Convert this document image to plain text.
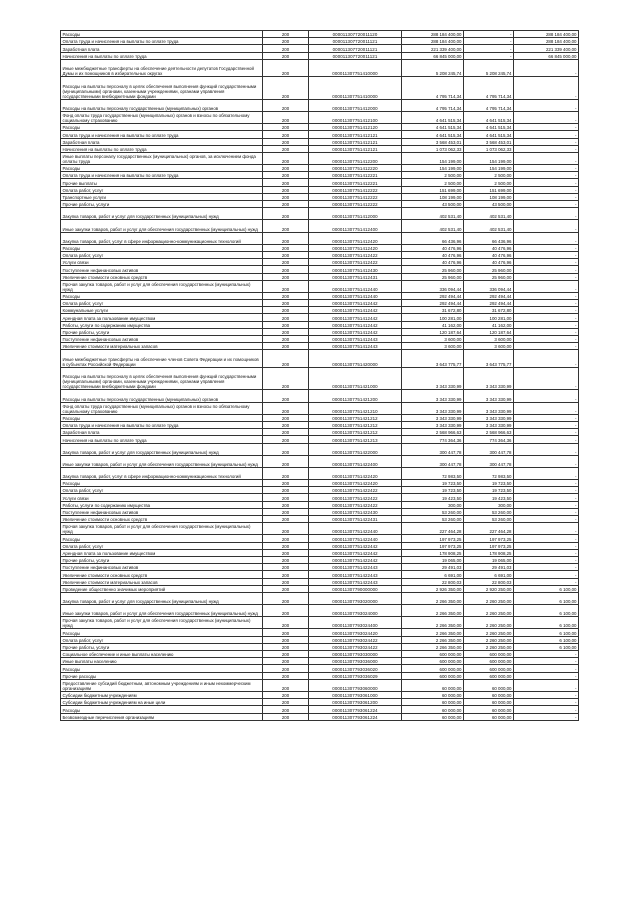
Расходы	200	000011307720011120	288 184 400,00	-	288 184 400,00
Оплата труда и начисления на выплаты по оплате труда	200	000011307720011121	288 184 400,00	-	288 184 400,00
Заработная плата	200	000011307720011121	221 339 400,00	-	221 339 400,00
Начисления на выплаты по оплате труда	200	000011307720011121	66 845 000,00	-	66 845 000,00
Иные межбюджетные трансферты на обеспечение деятельности депутатов Государственной Думы и их помощников в избирательных округах	200	000011307751410000	5 208 245,74	5 208 245,74	-
Расходы на выплаты персоналу в целях обеспечения выполнения функций государственными (муниципальными) органами, казенными учреждениями, органами управления государственными внебюджетными фондами	200	000011307751410000	4 795 714,34	4 795 714,34	-
Расходы на выплаты персоналу государственных (муниципальных) органов	200	000011307751412000	4 795 714,34	4 795 714,34	-
Фонд оплаты труда государственных (муниципальных) органов и взносы по обязательному социальному страхованию	200	000011307751412100	4 641 515,34	4 641 515,34	-
Расходы	200	000011307751412120	4 641 515,34	4 641 515,34	-
Оплата труда и начисления на выплаты по оплате труда	200	000011307751412121	4 641 515,34	4 641 515,34	-
Заработная плата	200	000011307751412121	3 568 453,01	3 568 453,01	-
Начисления на выплаты по оплате труда	200	000011307751412121	1 073 062,33	1 073 062,33	-
Иные выплаты персоналу государственных (муниципальных) органов, за исключением фонда оплаты труда	200	000011307751412200	154 199,00	154 199,00	-
Расходы	200	000011307751412220	154 199,00	154 199,00	-
Оплата труда и начисления на выплаты по оплате труда	200	000011307751412221	2 500,00	2 500,00	-
Прочие выплаты	200	000011307751412221	2 500,00	2 500,00	-
Оплата работ, услуг	200	000011307751412222	151 699,00	151 699,00	-
Транспортные услуги	200	000011307751412222	108 199,00	108 199,00	-
Прочие работы, услуги	200	000011307751412222	43 500,00	43 500,00	-
Закупка товаров, работ и услуг для государственных (муниципальных) нужд	200	000011307751412000	402 531,40	402 531,40	-
Иные закупки товаров, работ и услуг для обеспечения государственных (муниципальных) нужд	200	000011307751412400	402 531,40	402 531,40	-
Закупка товаров, работ, услуг в сфере информационно-коммуникационных технологий	200	000011307751412420	66 436,96	66 436,96	-
Расходы	200	000011307751412420	40 476,96	40 476,96	-
Оплата работ, услуг	200	000011307751412422	40 476,96	40 476,96	-
Услуги связи	200	000011307751412422	40 476,96	40 476,96	-
Поступление нефинансовых активов	200	000011307751412430	25 960,00	25 960,00	-
Увеличение стоимости основных средств	200	000011307751412431	25 960,00	25 960,00	-
Прочая закупка товаров, работ и услуг для обеспечения государственных (муниципальных) нужд	200	000011307751412440	336 094,44	336 094,44	-
Расходы	200	000011307751412440	292 494,44	292 494,44	-
Оплата работ, услуг	200	000011307751412442	292 494,44	292 494,44	-
Коммунальные услуги	200	000011307751412442	31 672,80	31 672,80	-
Арендная плата за пользование имуществом	200	000011307751412442	100 281,00	100 281,00	-
Работы, услуги по содержанию имущества	200	000011307751412442	41 162,00	41 162,00	-
Прочие работы, услуги	200	000011307751412442	120 187,64	120 187,64	-
Поступление нефинансовых активов	200	000011307751412443	3 600,00	3 600,00	-
Увеличение стоимости материальных запасов	200	000011307751412443	3 600,00	3 600,00	-
Иные межбюджетные трансферты на обеспечение членов Совета Федерации и их помощников в субъектах Российской Федерации	200	000011307751420000	3 643 775,77	3 643 775,77	-
Расходы на выплаты персоналу в целях обеспечения выполнения функций государственными (муниципальными) органами, казенными учреждениями, органами управления государственными внебюджетными фондами	200	000011307751421000	3 343 330,99	3 343 330,99	-
Расходы на выплаты персоналу государственных (муниципальных) органов	200	000011307751421200	3 343 330,99	3 343 330,99	-
Фонд оплаты труда государственных (муниципальных) органов и взносы по обязательному социальному страхованию	200	000011307751421210	3 343 330,99	3 343 330,99	-
Расходы	200	000011307751421212	3 343 330,99	3 343 330,99	-
Оплата труда и начисления на выплаты по оплате труда	200	000011307751421212	3 343 330,99	3 343 330,99	-
Заработная плата	200	000011307751421212	2 568 966,63	2 568 966,63	-
Начисления на выплаты по оплате труда	200	000011307751421213	774 364,36	774 364,36	-
Закупка товаров, работ и услуг для государственных (муниципальных) нужд	200	000011307751422000	300 447,78	300 447,78	-
Иные закупки товаров, работ и услуг для обеспечения государственных (муниципальных) нужд	200	000011307751422400	300 447,78	300 447,78	-
Закупка товаров, работ, услуг в сфере информационно-коммуникационных технологий	200	000011307751422420	72 983,50	72 983,50	-
Расходы	200	000011307751422420	19 723,50	19 723,50	-
Оплата работ, услуг	200	000011307751422422	19 723,50	19 723,50	-
Услуги связи	200	000011307751422422	19 423,50	19 423,50	-
Работы, услуги по содержанию имущества	200	000011307751422422	300,00	300,00	-
Поступление нефинансовых активов	200	000011307751422430	53 260,00	53 260,00	-
Увеличение стоимости основных средств	200	000011307751422431	53 260,00	53 260,00	-
Прочая закупка товаров, работ и услуг для обеспечения государственных (муниципальных) нужд	200	000011307751422440	227 464,28	227 464,28	-
Расходы	200	000011307751422440	197 973,25	197 973,25	-
Оплата работ, услуг	200	000011307751422442	197 973,25	197 973,25	-
Арендная плата за пользование имуществом	200	000011307751422442	178 908,25	178 908,25	-
Прочие работы, услуги	200	000011307751422442	19 065,00	19 065,00	-
Поступление нефинансовых активов	200	000011307751422443	29 491,03	29 491,03	-
Увеличение стоимости основных средств	200	000011307751422443	6 691,00	6 691,00	-
Увеличение стоимости материальных запасов	200	000011307751422443	22 800,03	22 800,03	-
Проведение общественно значимых мероприятий	200	000011307790000000	2 926 350,00	2 920 250,00	6 100,00
Закупка товаров, работ и услуг для государственных (муниципальных) нужд	200	000011307793020000	2 266 350,00	2 260 250,00	6 100,00
Иные закупки товаров, работ и услуг для обеспечения государственных (муниципальных) нужд	200	000011307793024000	2 266 350,00	2 260 250,00	6 100,00
Прочая закупка товаров, работ и услуг для обеспечения государственных (муниципальных) нужд	200	000011307793024400	2 266 350,00	2 260 250,00	6 100,00
Расходы	200	000011307793024420	2 266 350,00	2 260 250,00	6 100,00
Оплата работ, услуг	200	000011307793024422	2 266 350,00	2 260 250,00	6 100,00
Прочие работы, услуги	200	000011307793024422	2 266 350,00	2 260 250,00	6 100,00
Социальное обеспечение и иные выплаты населению	200	000011307793030000	600 000,00	600 000,00	-
Иные выплаты населению	200	000011307793036000	600 000,00	600 000,00	-
Расходы	200	000011307793036020	600 000,00	600 000,00	-
Прочие расходы	200	000011307793036029	600 000,00	600 000,00	-
Предоставление субсидий бюджетным, автономным учреждениям и иным некоммерческим организациям	200	000011307793060000	60 000,00	60 000,00	-
Субсидии бюджетным учреждениям	200	000011307793061000	60 000,00	60 000,00	-
Субсидии бюджетным учреждениям на иные цели	200	000011307793061200	60 000,00	60 000,00	-
Расходы	200	000011307793061224	60 000,00	60 000,00	-
Безвозмездные перечисления организациям	200	000011307793061224	60 000,00	60 000,00	-
